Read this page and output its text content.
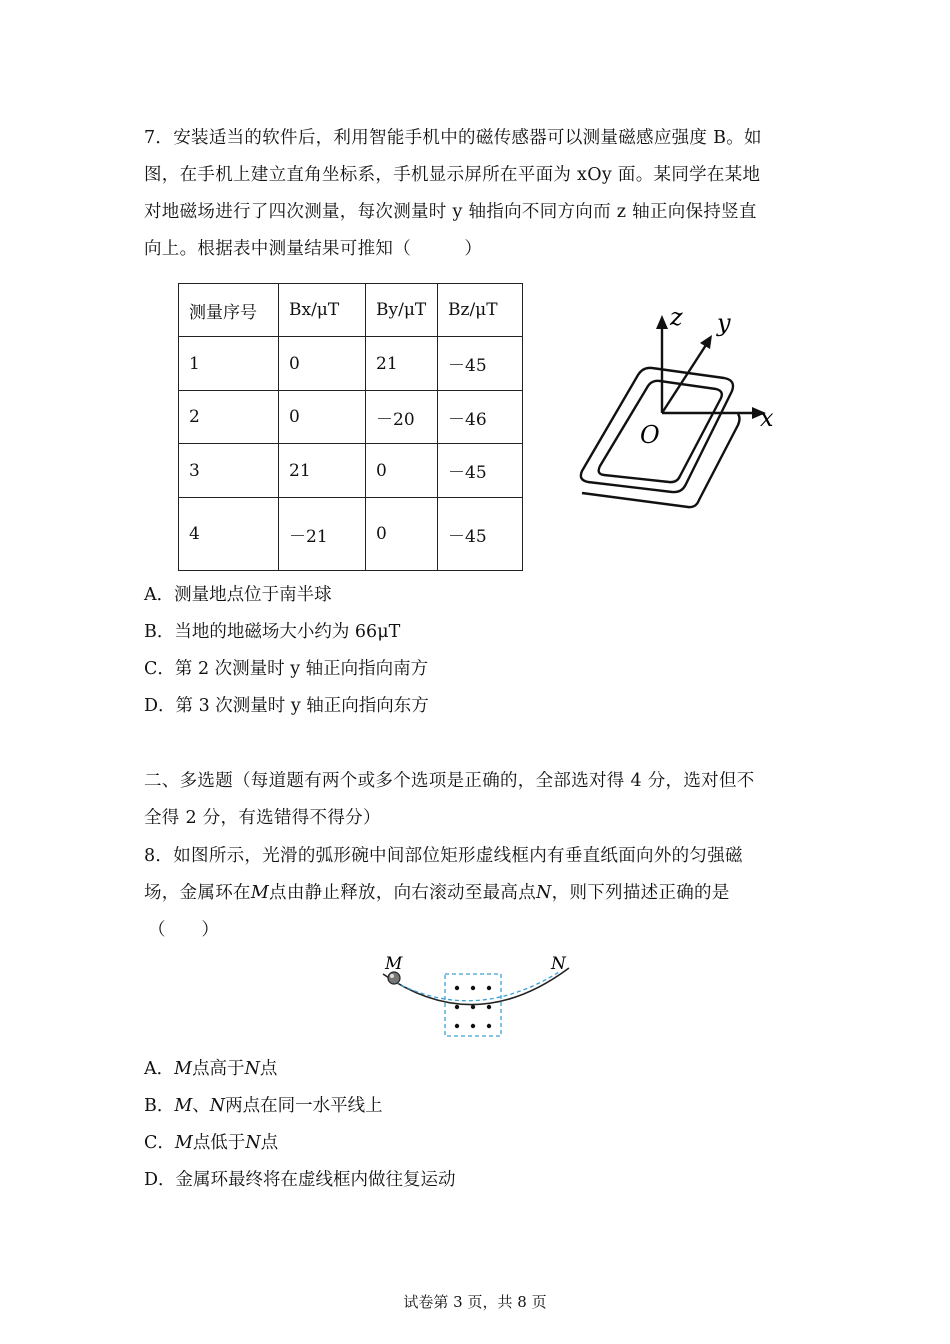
7．安装适当的软件后，利用智能手机中的磁传感器可以测量磁感应强度 B。如
图，在手机上建立直角坐标系，手机显示屏所在平面为 xOy 面。某同学在某地
对地磁场进行了四次测量，每次测量时 y 轴指向不同方向而 z 轴正向保持竖直
向上。根据表中测量结果可推知（　　　）
测量序号	Bx/μT	By/μT	Bz/μT
1	0	21	－45
2	0	－20	－46
3	21	0	－45
4	－21	0	－45
z y
x
O
A．测量地点位于南半球
B．当地的地磁场大小约为 66μT
C．第 2 次测量时 y 轴正向指向南方
D．第 3 次测量时 y 轴正向指向东方
二、多选题（每道题有两个或多个选项是正确的，全部选对得 4 分，选对但不
全得 2 分，有选错得不得分）
8．如图所示，光滑的弧形碗中间部位矩形虚线框内有垂直纸面向外的匀强磁
场，金属环在M点由静止释放，向右滚动至最高点N，则下列描述正确的是
（　　）
M	N
A．M点高于N点
B．M、N两点在同一水平线上
C．M点低于N点
D．金属环最终将在虚线框内做往复运动
试卷第 3 页，共 8 页
